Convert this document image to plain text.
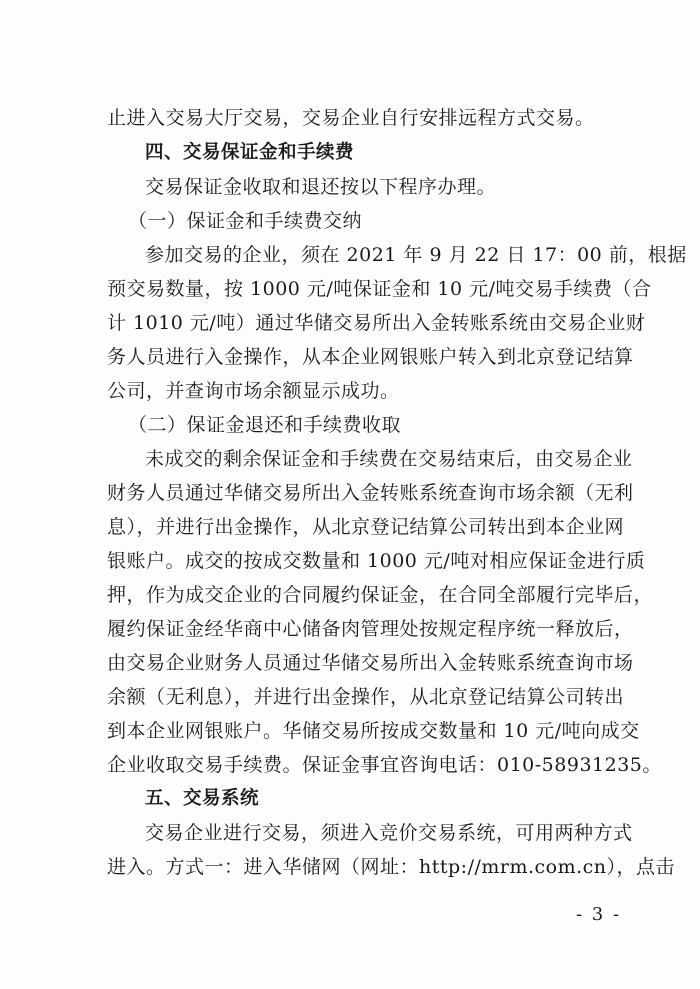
止进入交易大厅交易，交易企业自行安排远程方式交易。
四、交易保证金和手续费
交易保证金收取和退还按以下程序办理。
（一）保证金和手续费交纳
参加交易的企业，须在 2021 年 9 月 22 日 17：00 前，根据
预交易数量，按 1000 元/吨保证金和 10 元/吨交易手续费（合
计 1010 元/吨）通过华储交易所出入金转账系统由交易企业财
务人员进行入金操作，从本企业网银账户转入到北京登记结算
公司，并查询市场余额显示成功。
（二）保证金退还和手续费收取
未成交的剩余保证金和手续费在交易结束后，由交易企业
财务人员通过华储交易所出入金转账系统查询市场余额（无利
息），并进行出金操作，从北京登记结算公司转出到本企业网
银账户。成交的按成交数量和 1000 元/吨对相应保证金进行质
押，作为成交企业的合同履约保证金，在合同全部履行完毕后，
履约保证金经华商中心储备肉管理处按规定程序统一释放后，
由交易企业财务人员通过华储交易所出入金转账系统查询市场
余额（无利息），并进行出金操作，从北京登记结算公司转出
到本企业网银账户。华储交易所按成交数量和 10 元/吨向成交
企业收取交易手续费。保证金事宜咨询电话：010-58931235。
五、交易系统
交易企业进行交易，须进入竞价交易系统，可用两种方式
进入。方式一：进入华储网（网址：http://mrm.com.cn），点击
- 3 -
